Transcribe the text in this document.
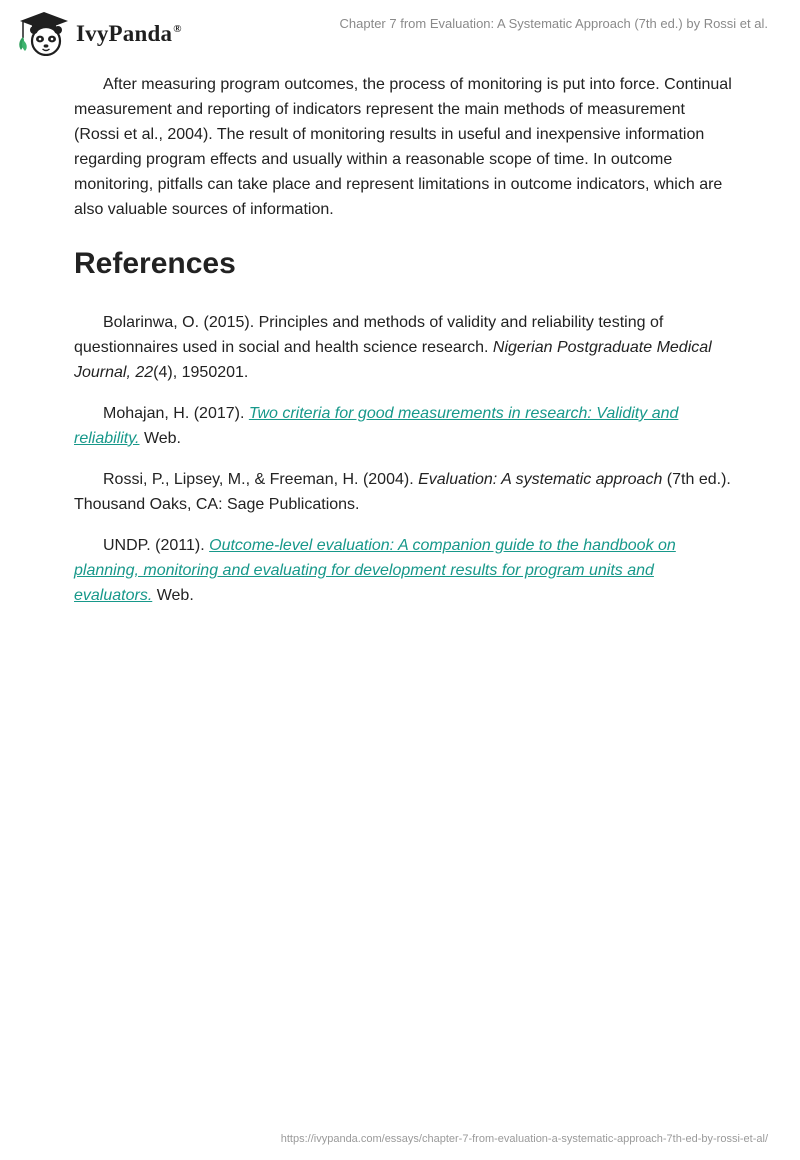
IvyPanda®	Chapter 7 from Evaluation: A Systematic Approach (7th ed.) by Rossi et al.

After measuring program outcomes, the process of monitoring is put into force. Continual measurement and reporting of indicators represent the main methods of measurement (Rossi et al., 2004). The result of monitoring results in useful and inexpensive information regarding program effects and usually within a reasonable scope of time. In outcome monitoring, pitfalls can take place and represent limitations in outcome indicators, which are also valuable sources of information.

References

Bolarinwa, O. (2015). Principles and methods of validity and reliability testing of questionnaires used in social and health science research. Nigerian Postgraduate Medical Journal, 22(4), 1950201.

Mohajan, H. (2017). Two criteria for good measurements in research: Validity and reliability. Web.

Rossi, P., Lipsey, M., & Freeman, H. (2004). Evaluation: A systematic approach (7th ed.). Thousand Oaks, CA: Sage Publications.

UNDP. (2011). Outcome-level evaluation: A companion guide to the handbook on planning, monitoring and evaluating for development results for program units and evaluators. Web.

https://ivypanda.com/essays/chapter-7-from-evaluation-a-systematic-approach-7th-ed-by-rossi-et-al/
